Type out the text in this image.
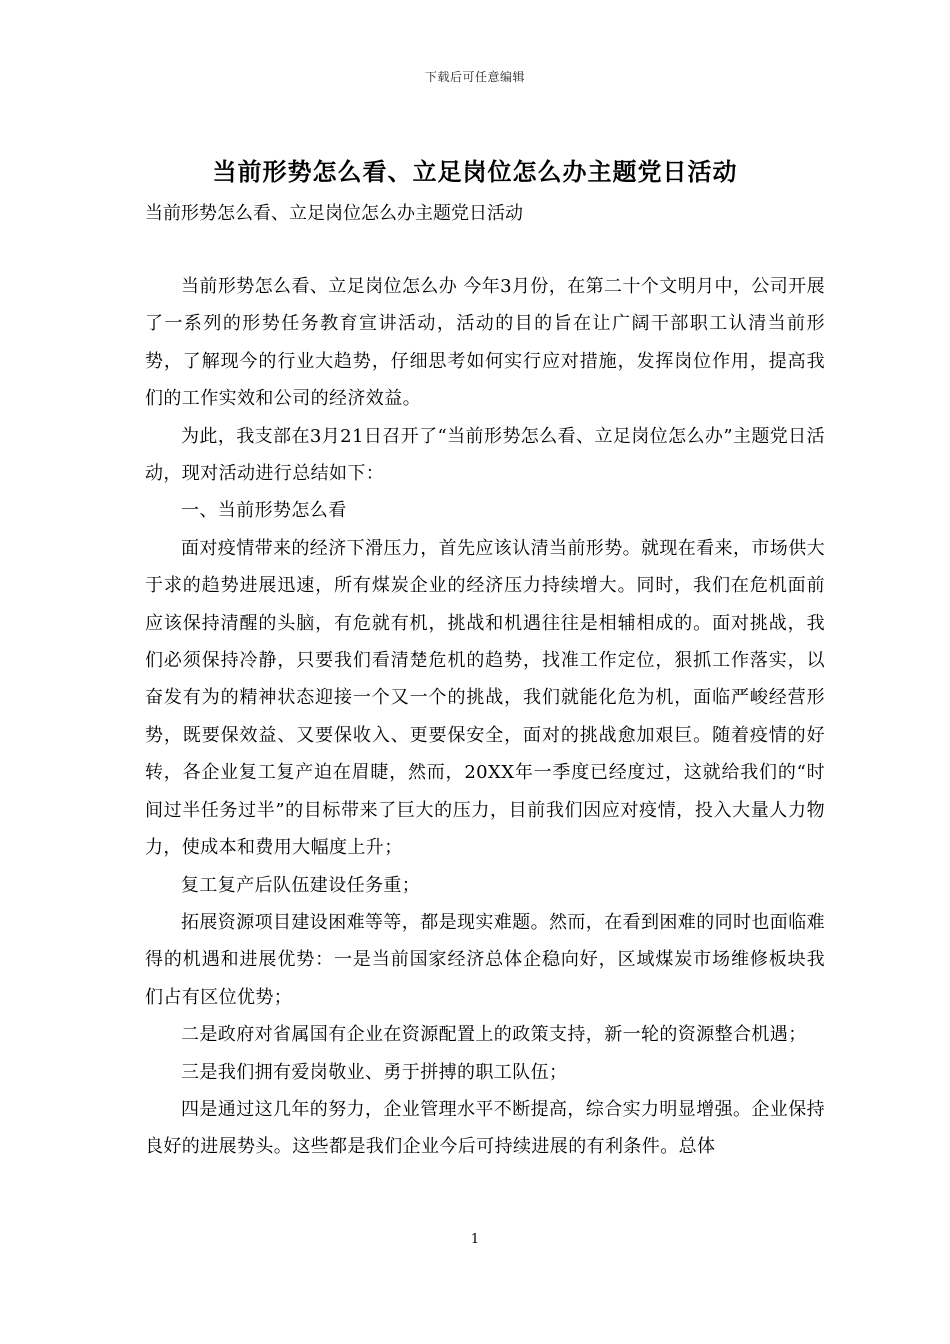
下载后可任意编辑
当前形势怎么看、立足岗位怎么办主题党日活动
当前形势怎么看、立足岗位怎么办主题党日活动

当前形势怎么看、立足岗位怎么办 今年3月份，在第二十个文明月中，公司开展了一系列的形势任务教育宣讲活动，活动的目的旨在让广阔干部职工认清当前形势，了解现今的行业大趋势，仔细思考如何实行应对措施，发挥岗位作用，提高我们的工作实效和公司的经济效益。

为此，我支部在3月21日召开了“当前形势怎么看、立足岗位怎么办”主题党日活动，现对活动进行总结如下：

一、当前形势怎么看

面对疫情带来的经济下滑压力，首先应该认清当前形势。就现在看来，市场供大于求的趋势进展迅速，所有煤炭企业的经济压力持续增大。同时，我们在危机面前应该保持清醒的头脑，有危就有机，挑战和机遇往往是相辅相成的。面对挑战，我们必须保持冷静，只要我们看清楚危机的趋势，找准工作定位，狠抓工作落实，以奋发有为的精神状态迎接一个又一个的挑战，我们就能化危为机，面临严峻经营形势，既要保效益、又要保收入、更要保安全，面对的挑战愈加艰巨。随着疫情的好转，各企业复工复产迫在眉睫，然而，20XX年一季度已经度过，这就给我们的“时间过半任务过半”的目标带来了巨大的压力，目前我们因应对疫情，投入大量人力物力，使成本和费用大幅度上升；

复工复产后队伍建设任务重；

拓展资源项目建设困难等等，都是现实难题。然而，在看到困难的同时也面临难得的机遇和进展优势：一是当前国家经济总体企稳向好，区域煤炭市场维修板块我们占有区位优势；

二是政府对省属国有企业在资源配置上的政策支持，新一轮的资源整合机遇；

三是我们拥有爱岗敬业、勇于拼搏的职工队伍；

四是通过这几年的努力，企业管理水平不断提高，综合实力明显增强。企业保持良好的进展势头。这些都是我们企业今后可持续进展的有利条件。总体

1
